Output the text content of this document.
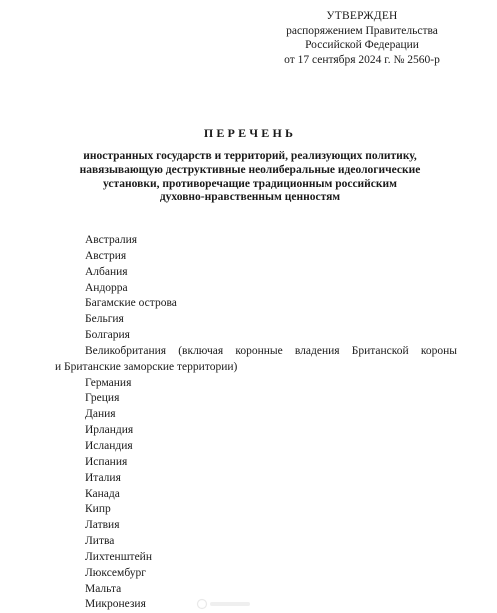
УТВЕРЖДЕН
распоряжением Правительства
Российской Федерации
от 17 сентября 2024 г. № 2560-р

ПЕРЕЧЕНЬ

иностранных государств и территорий, реализующих политику,
навязывающую деструктивные неолиберальные идеологические
установки, противоречащие традиционным российским
духовно-нравственным ценностям

Австралия
Австрия
Албания
Андорра
Багамские острова
Бельгия
Болгария
Великобритания (включая коронные владения Британской короны
и Британские заморские территории)
Германия
Греция
Дания
Ирландия
Исландия
Испания
Италия
Канада
Кипр
Латвия
Литва
Лихтенштейн
Люксембург
Мальта
Микронезия
